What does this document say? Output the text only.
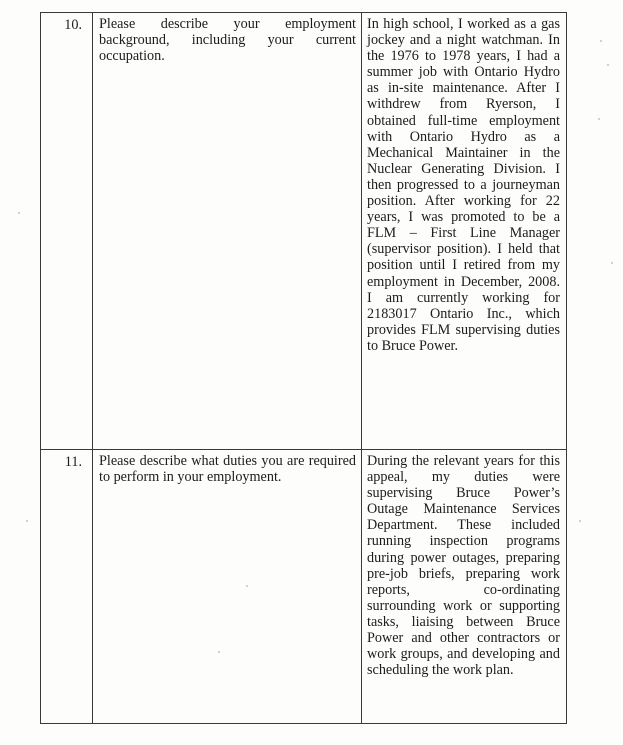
10.	Please describe your employment background, including your current occupation.	In high school, I worked as a gas jockey and a night watchman. In the 1976 to 1978 years, I had a summer job with Ontario Hydro as in-site maintenance. After I withdrew from Ryerson, I obtained full-time employment with Ontario Hydro as a Mechanical Maintainer in the Nuclear Generating Division. I then progressed to a journeyman position. After working for 22 years, I was promoted to be a FLM – First Line Manager (supervisor position). I held that position until I retired from my employment in December, 2008. I am currently working for 2183017 Ontario Inc., which provides FLM supervising duties to Bruce Power.
11.	Please describe what duties you are required to perform in your employment.	During the relevant years for this appeal, my duties were supervising Bruce Power’s Outage Maintenance Services Department. These included running inspection programs during power outages, preparing pre-job briefs, preparing work reports, co-ordinating surrounding work or supporting tasks, liaising between Bruce Power and other contractors or work groups, and developing and scheduling the work plan.
